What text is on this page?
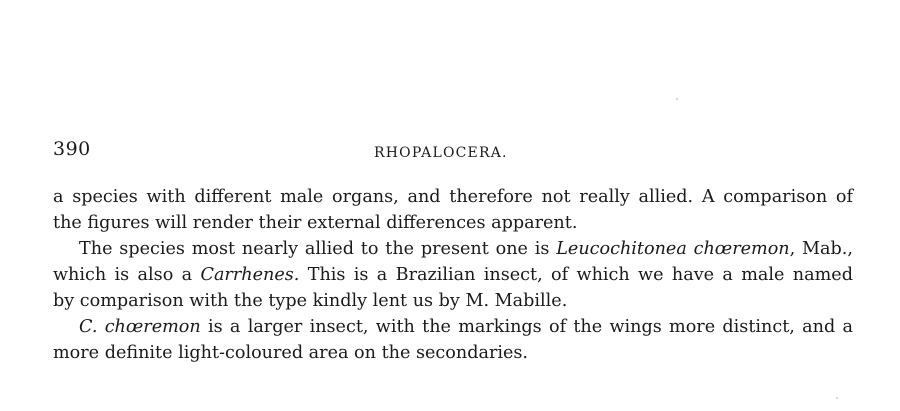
390	RHOPALOCERA.

a species with different male organs, and therefore not really allied. A comparison of
the figures will render their external differences apparent.

The species most nearly allied to the present one is Leucochitonea chœremon, Mab.,
which is also a Carrhenes. This is a Brazilian insect, of which we have a male named
by comparison with the type kindly lent us by M. Mabille.

C. chœremon is a larger insect, with the markings of the wings more distinct, and a
more definite light-coloured area on the secondaries.
